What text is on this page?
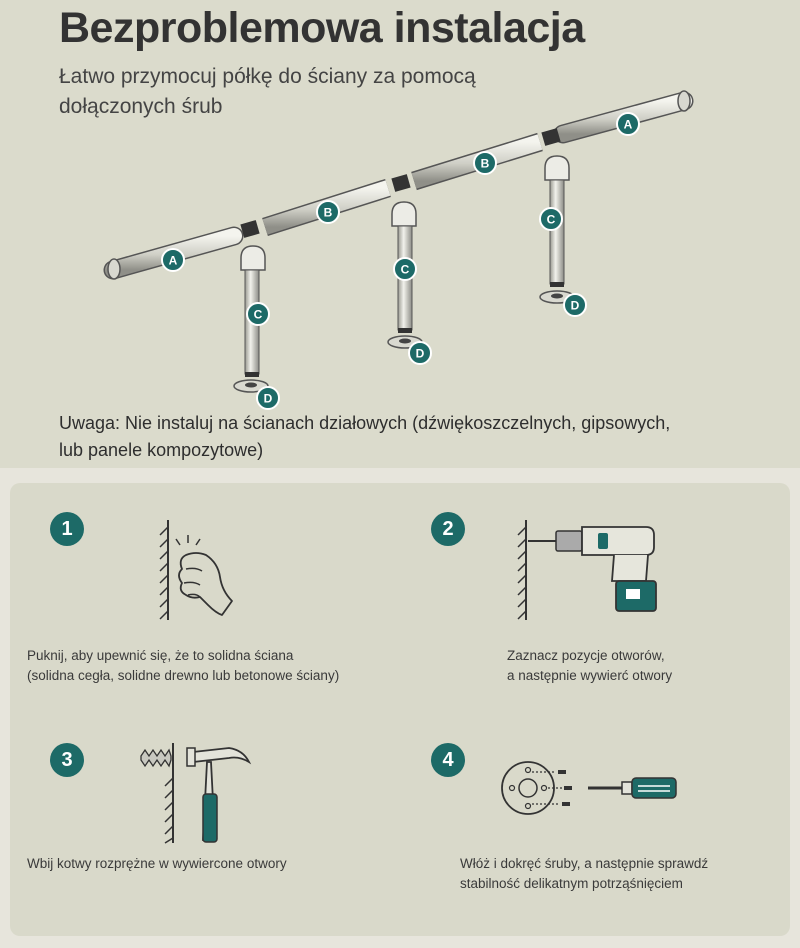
Bezproblemowa instalacja
Łatwo przymocuj półkę do ściany za pomocą dołączonych śrub
A
B
B
A
C
C
C
D
D
D
Uwaga: Nie instaluj na ścianach działowych (dźwiękoszczelnych, gipsowych, lub panele kompozytowe)
1
Puknij, aby upewnić się, że to solidna ściana
(solidna cegła, solidne drewno lub betonowe ściany)
2
Zaznacz pozycje otworów,
a następnie wywierć otwory
3
Wbij kotwy rozprężne w wywiercone otwory
4
Włóż i dokręć śruby, a następnie sprawdź
stabilność delikatnym potrząśnięciem
